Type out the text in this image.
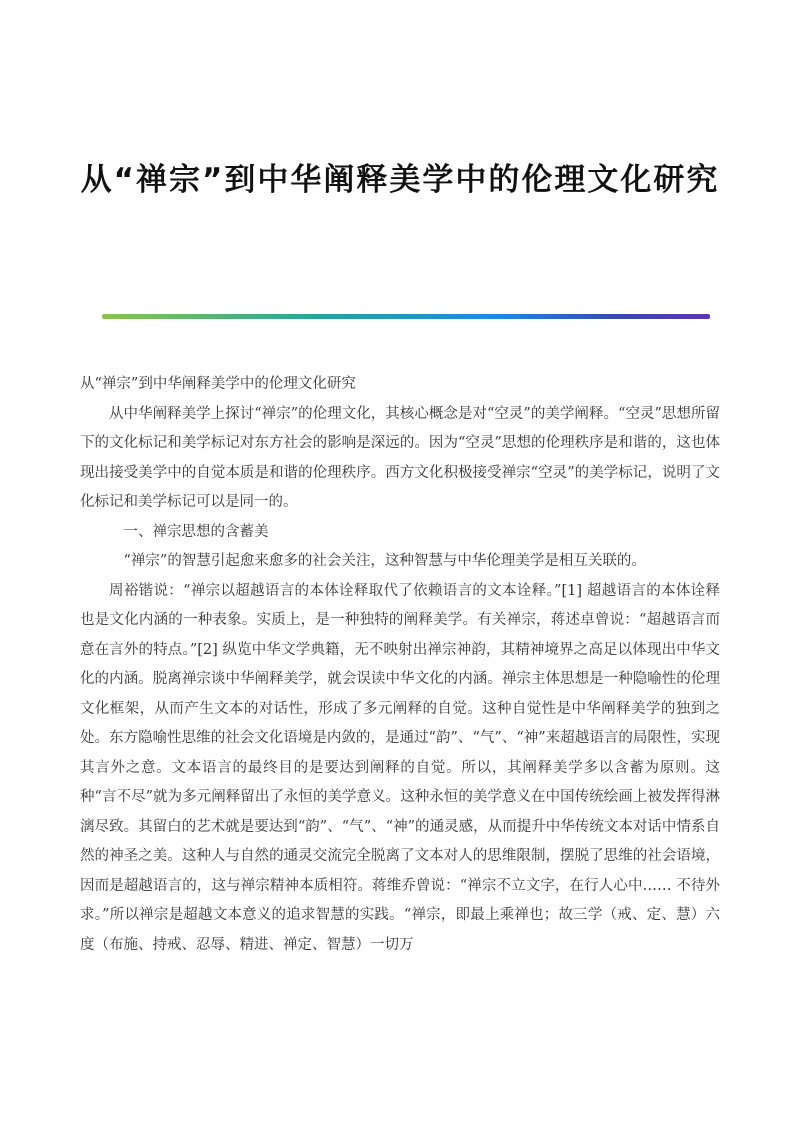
从“禅宗”到中华阐释美学中的伦理文化研究

从“禅宗”到中华阐释美学中的伦理文化研究

从中华阐释美学上探讨“禅宗”的伦理文化，其核心概念是对“空灵”的美学阐释。“空灵”思想所留下的文化标记和美学标记对东方社会的影响是深远的。因为“空灵”思想的伦理秩序是和谐的，这也体现出接受美学中的自觉本质是和谐的伦理秩序。西方文化积极接受禅宗“空灵”的美学标记，说明了文化标记和美学标记可以是同一的。

一、禅宗思想的含蓄美

“禅宗”的智慧引起愈来愈多的社会关注，这种智慧与中华伦理美学是相互关联的。

周裕锴说：“禅宗以超越语言的本体诠释取代了依赖语言的文本诠释。”[1] 超越语言的本体诠释也是文化内涵的一种表象。实质上，是一种独特的阐释美学。有关禅宗，蒋述卓曾说：“超越语言而意在言外的特点。”[2] 纵览中华文学典籍，无不映射出禅宗神韵，其精神境界之高足以体现出中华文化的内涵。脱离禅宗谈中华阐释美学，就会误读中华文化的内涵。禅宗主体思想是一种隐喻性的伦理文化框架，从而产生文本的对话性，形成了多元阐释的自觉。这种自觉性是中华阐释美学的独到之处。东方隐喻性思维的社会文化语境是内敛的，是通过“韵”、“气”、“神”来超越语言的局限性，实现其言外之意。文本语言的最终目的是要达到阐释的自觉。所以，其阐释美学多以含蓄为原则。这种“言不尽”就为多元阐释留出了永恒的美学意义。这种永恒的美学意义在中国传统绘画上被发挥得淋漓尽致。其留白的艺术就是要达到“韵”、“气”、“神”的通灵感，从而提升中华传统文本对话中情系自然的神圣之美。这种人与自然的通灵交流完全脱离了文本对人的思维限制，摆脱了思维的社会语境，因而是超越语言的，这与禅宗精神本质相符。蒋维乔曾说：“禅宗不立文字，在行人心中…… 不待外求。”所以禅宗是超越文本意义的追求智慧的实践。“禅宗，即最上乘禅也；故三学（戒、定、慧）六度（布施、持戒、忍辱、精进、禅定、智慧）一切万
